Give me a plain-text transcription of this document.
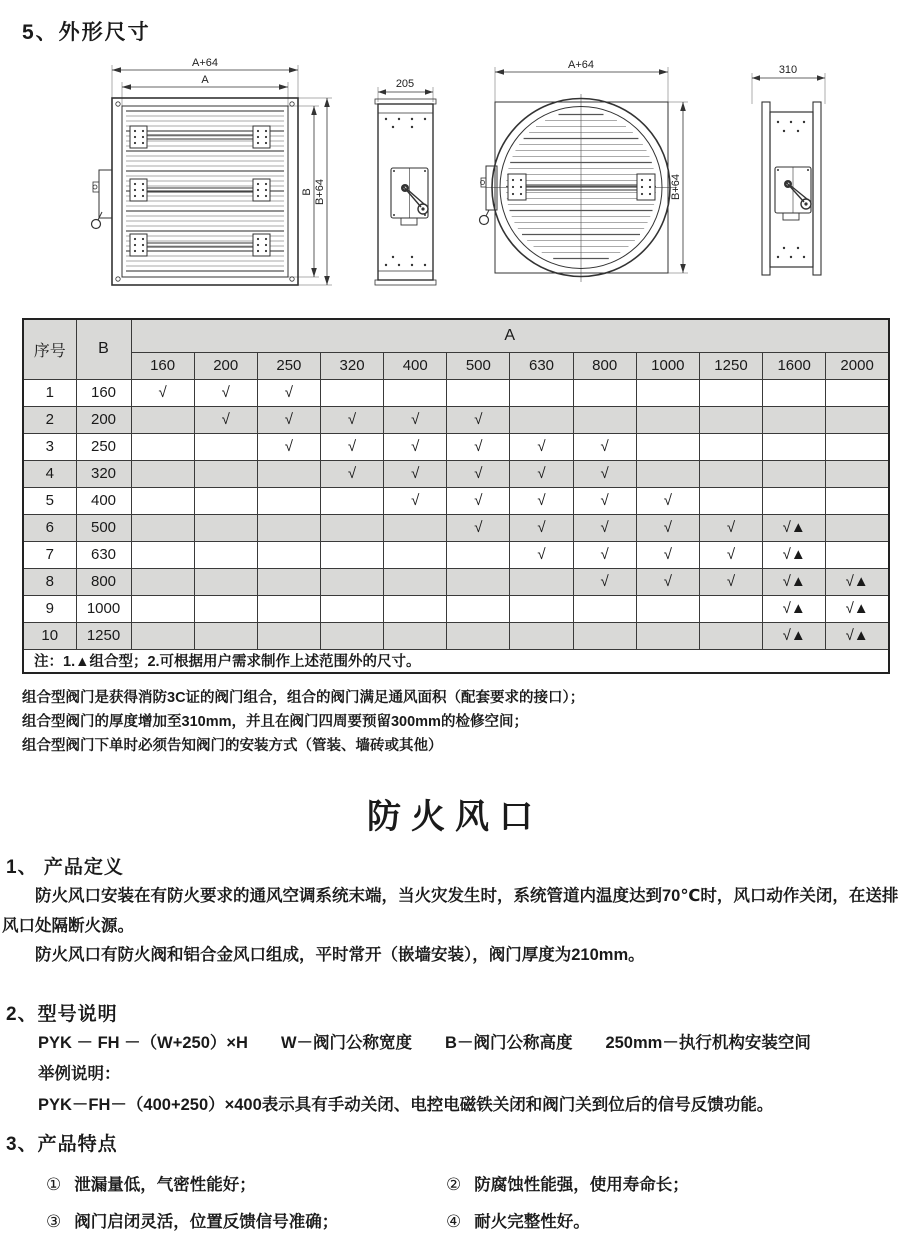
5、外形尺寸
A+64
A
B B+64
205
A+64
B+64
310
序号	B	A											
		160	200	250	320	400	500	630	800	1000	1250	1600	2000
1	160	√	√	√									
2	200		√	√	√	√	√						
3	250			√	√	√	√	√	√				
4	320				√	√	√	√	√				
5	400					√	√	√	√	√			
6	500						√	√	√	√	√	√▲	
7	630							√	√	√	√	√▲	
8	800								√	√	√	√▲	√▲
9	1000											√▲	√▲
10	1250											√▲	√▲
注：1.▲组合型；2.可根据用户需求制作上述范围外的尺寸。													

组合型阀门是获得消防3C证的阀门组合，组合的阀门满足通风面积（配套要求的接口）；

组合型阀门的厚度增加至310mm，并且在阀门四周要预留300mm的检修空间；

组合型阀门下单时必须告知阀门的安装方式（管装、墙砖或其他）

防火风口
1、 产品定义

防火风口安装在有防火要求的通风空调系统末端，当火灾发生时，系统管道内温度达到70℃时，风口动作关闭，在送排风口处隔断火源。

防火风口有防火阀和铝合金风口组成，平时常开（嵌墙安装），阀门厚度为210mm。

2、型号说明
PYK － FH －（W+250）×H　　W－阀门公称宽度　　B－阀门公称高度　　250mm－执行机构安装空间
举例说明：
PYK－FH－（400+250）×400表示具有手动关闭、电控电磁铁关闭和阀门关到位后的信号反馈功能。
3、产品特点
① 泄漏量低，气密性能好；	② 防腐蚀性能强，使用寿命长；
③ 阀门启闭灵活，位置反馈信号准确；	④ 耐火完整性好。
